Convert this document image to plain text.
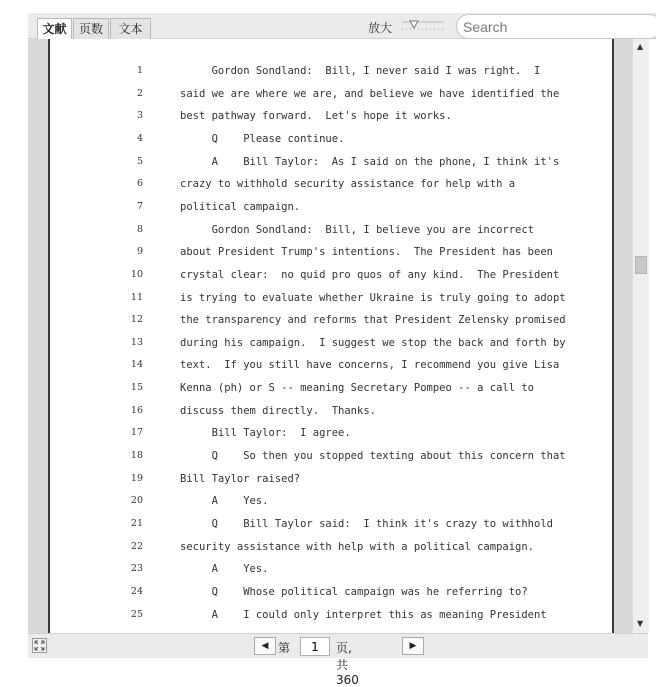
文献	页数	文本	放大
Search
1	Gordon Sondland:  Bill, I never said I was right.  I
2	said we are where we are, and believe we have identified the
3	best pathway forward.  Let's hope it works.
4	Q    Please continue.
5	A    Bill Taylor:  As I said on the phone, I think it's
6	crazy to withhold security assistance for help with a
7	political campaign.
8	Gordon Sondland:  Bill, I believe you are incorrect
9	about President Trump's intentions.  The President has been
10	crystal clear:  no quid pro quos of any kind.  The President
11	is trying to evaluate whether Ukraine is truly going to adopt
12	the transparency and reforms that President Zelensky promised
13	during his campaign.  I suggest we stop the back and forth by
14	text.  If you still have concerns, I recommend you give Lisa
15	Kenna (ph) or S -- meaning Secretary Pompeo -- a call to
16	discuss them directly.  Thanks.
17	Bill Taylor:  I agree.
18	Q    So then you stopped texting about this concern that
19	Bill Taylor raised?
20	A    Yes.
21	Q    Bill Taylor said:  I think it's crazy to withhold
22	security assistance with help with a political campaign.
23	A    Yes.
24	Q    Whose political campaign was he referring to?
25	A    I could only interpret this as meaning President
▲
▼
◀ 第
1	页, 共 360
▶
